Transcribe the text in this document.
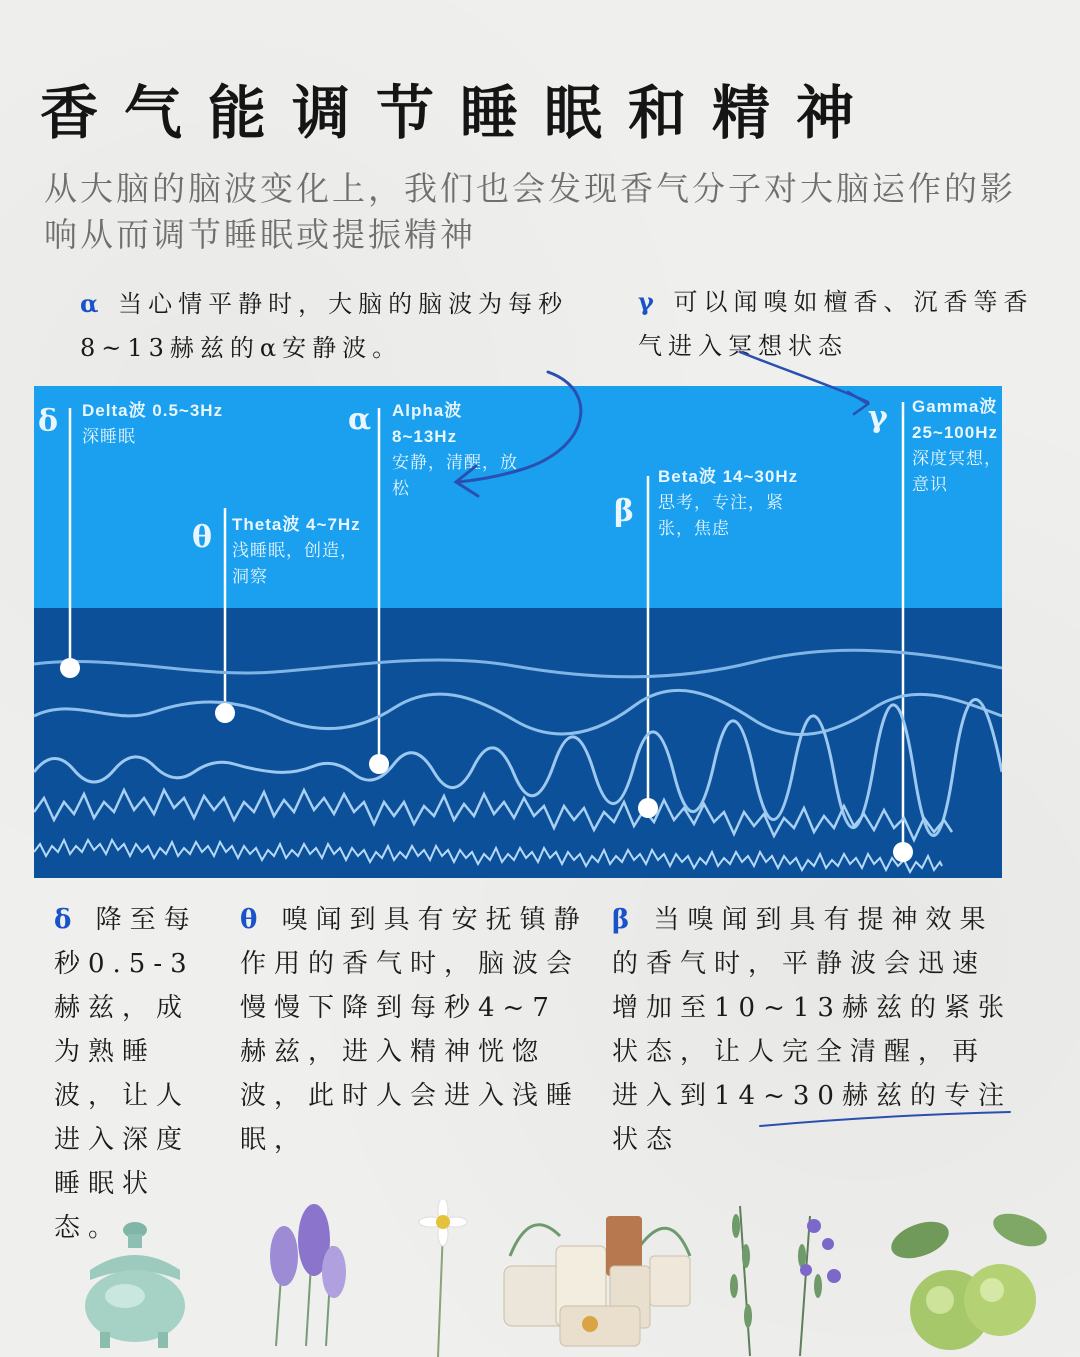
香气能调节睡眠和精神
从大脑的脑波变化上，我们也会发现香气分子对大脑运作的影响从而调节睡眠或提振精神
α 当心情平静时，大脑的脑波为每秒8~13赫兹的α安静波。
γ 可以闻嗅如檀香、沉香等香气进入冥想状态
δ Delta波 0.5~3Hz
深睡眠
θ Theta波 4~7Hz
浅睡眠，创造，洞察
α Alpha波 8~13Hz
安静，清醒，放松
β
Beta波 14~30Hz
思考，专注，紧张，焦虑
γ Gamma波 25~100Hz
深度冥想，意识
δ 降至每秒0.5-3赫兹，成为熟睡波，让人进入深度睡眠状态。
θ 嗅闻到具有安抚镇静作用的香气时，脑波会慢慢下降到每秒4~7赫兹，进入精神恍惚波，此时人会进入浅睡眠，
β 当嗅闻到具有提神效果的香气时，平静波会迅速增加至10~13赫兹的紧张状态，让人完全清醒，再进入到14~30赫兹的专注状态
